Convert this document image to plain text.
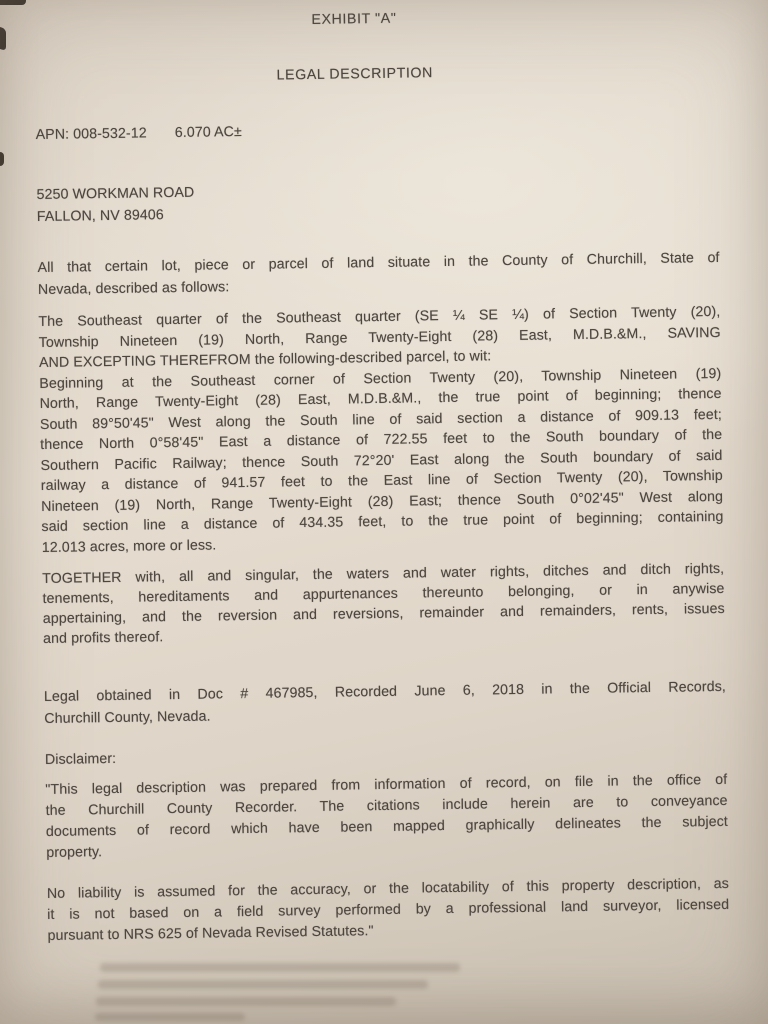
EXHIBIT "A"
LEGAL DESCRIPTION
APN: 008-532-12 6.070 AC±
5250 WORKMAN ROAD
FALLON, NV 89406
All that certain lot, piece or parcel of land situate in the County of Churchill, State of
Nevada, described as follows:
The Southeast quarter of the Southeast quarter (SE ¼ SE ¼) of Section Twenty (20),
Township Nineteen (19) North, Range Twenty-Eight (28) East, M.D.B.&M., SAVING
AND EXCEPTING THEREFROM the following-described parcel, to wit:
Beginning at the Southeast corner of Section Twenty (20), Township Nineteen (19)
North, Range Twenty-Eight (28) East, M.D.B.&M., the true point of beginning; thence
South 89°50'45" West along the South line of said section a distance of 909.13 feet;
thence North 0°58'45" East a distance of 722.55 feet to the South boundary of the
Southern Pacific Railway; thence South 72°20' East along the South boundary of said
railway a distance of 941.57 feet to the East line of Section Twenty (20), Township
Nineteen (19) North, Range Twenty-Eight (28) East; thence South 0°02'45" West along
said section line a distance of 434.35 feet, to the true point of beginning; containing
12.013 acres, more or less.
TOGETHER with, all and singular, the waters and water rights, ditches and ditch rights,
tenements, hereditaments and appurtenances thereunto belonging, or in anywise
appertaining, and the reversion and reversions, remainder and remainders, rents, issues
and profits thereof.
Legal obtained in Doc # 467985, Recorded June 6, 2018 in the Official Records,
Churchill County, Nevada.
Disclaimer:
"This legal description was prepared from information of record, on file in the office of
the Churchill County Recorder. The citations include herein are to conveyance
documents of record which have been mapped graphically delineates the subject
property.
No liability is assumed for the accuracy, or the locatability of this property description, as
it is not based on a field survey performed by a professional land surveyor, licensed
pursuant to NRS 625 of Nevada Revised Statutes."
